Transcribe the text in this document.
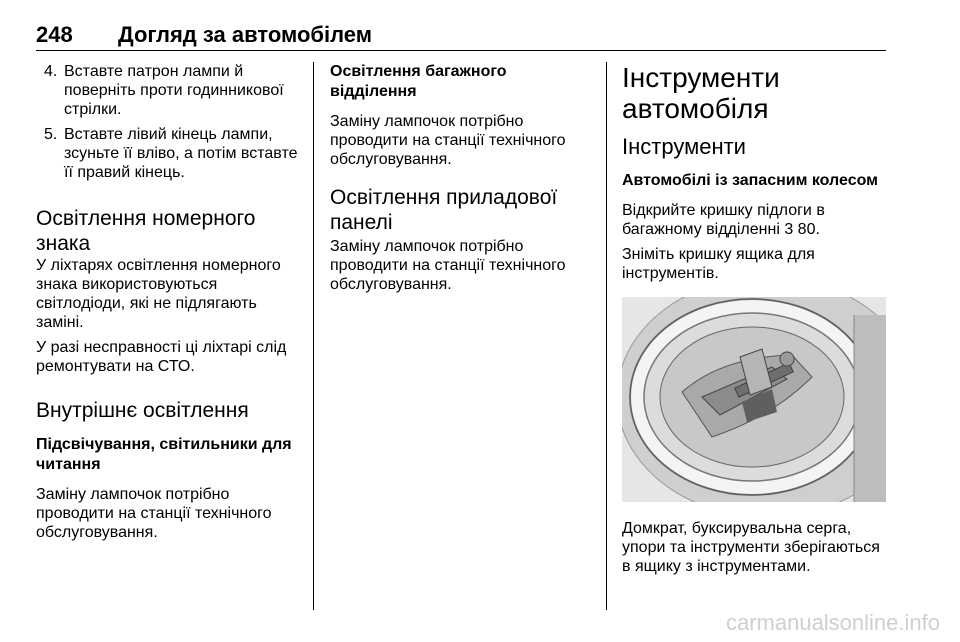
248 Догляд за автомобілем
4. Вставте патрон лампи й поверніть проти годинникової стрілки.
5. Вставте лівий кінець лампи, зсуньте її вліво, а потім вставте її правий кінець.
Освітлення номерного знака

У ліхтарях освітлення номерного знака використовуються світлодіоди, які не підлягають заміні.

У разі несправності ці ліхтарі слід ремонтувати на СТО.

Внутрішнє освітлення
Підсвічування, світильники для читання

Заміну лампочок потрібно проводити на станції технічного обслуговування.

Освітлення багажного відділення

Заміну лампочок потрібно проводити на станції технічного обслуговування.

Освітлення приладової панелі

Заміну лампочок потрібно проводити на станції технічного обслуговування.

Інструменти автомобіля
Інструменти
Автомобілі із запасним колесом

Відкрийте кришку підлоги в багажному відділенні 3 80.

Зніміть кришку ящика для інструментів.

Домкрат, буксирувальна серга, упори та інструменти зберігаються в ящику з інструментами.

carmanualsonline.info
